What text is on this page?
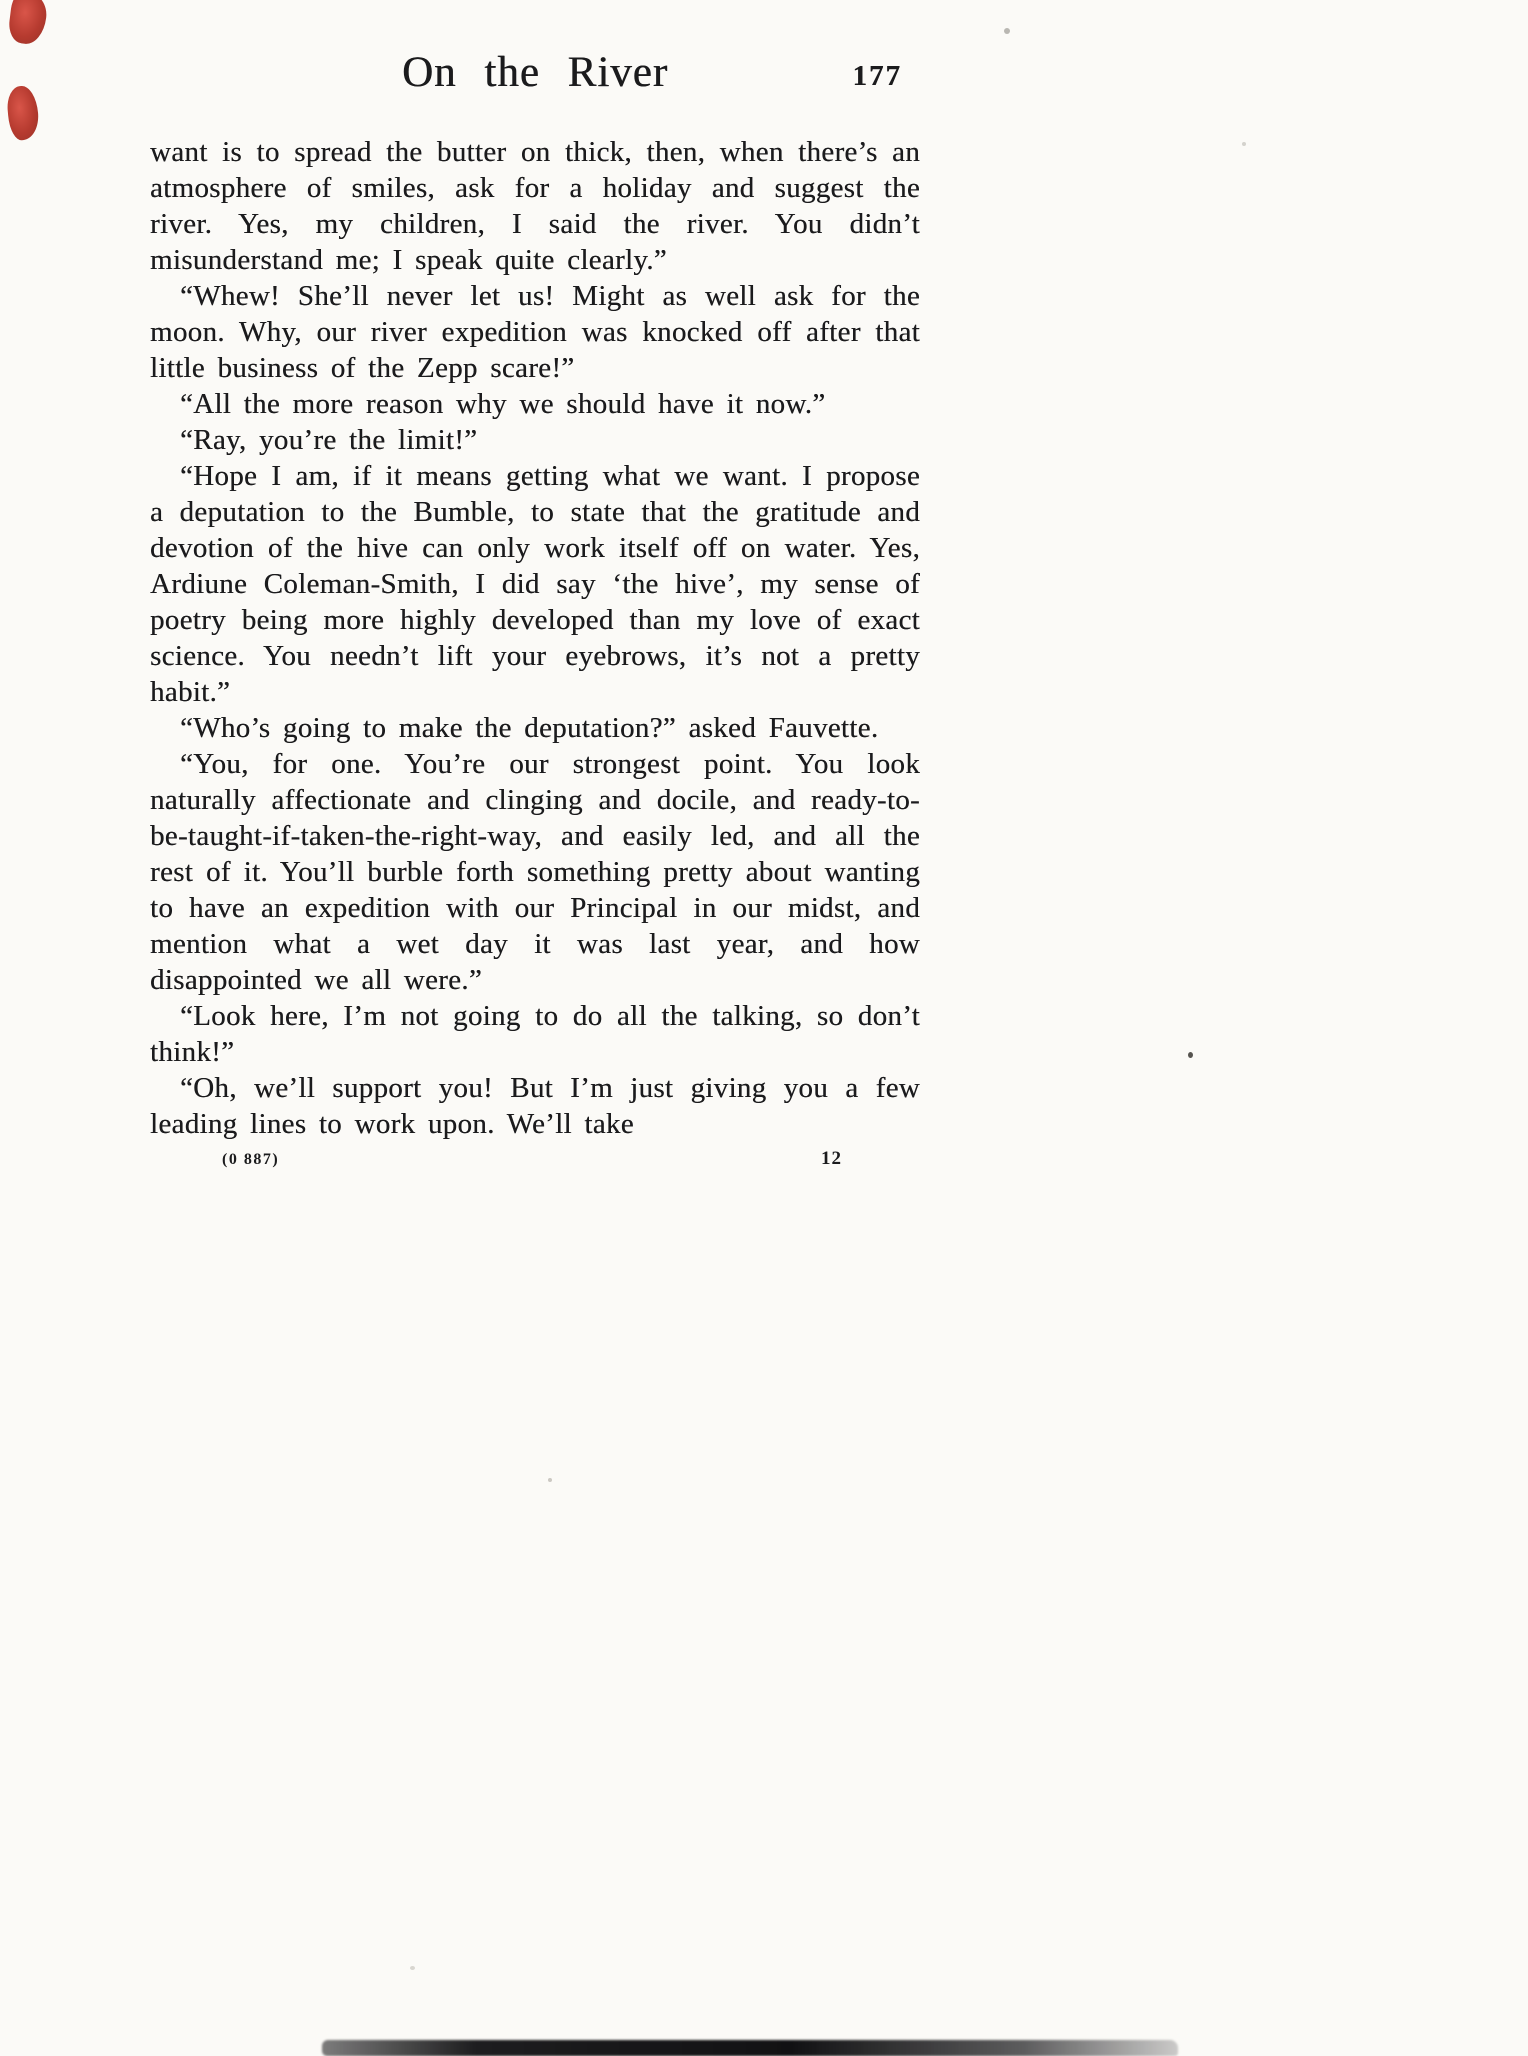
On the River	177

want is to spread the butter on thick, then, when there’s an atmosphere of smiles, ask for a holiday and suggest the river. Yes, my children, I said the river. You didn’t misunderstand me; I speak quite clearly.”

“Whew! She’ll never let us! Might as well ask for the moon. Why, our river expedition was knocked off after that little business of the Zepp scare!”

“All the more reason why we should have it now.”

“Ray, you’re the limit!”

“Hope I am, if it means getting what we want. I propose a deputation to the Bumble, to state that the gratitude and devotion of the hive can only work itself off on water. Yes, Ardiune Coleman-Smith, I did say ‘the hive’, my sense of poetry being more highly developed than my love of exact science. You needn’t lift your eyebrows, it’s not a pretty habit.”

“Who’s going to make the deputation?” asked Fauvette.

“You, for one. You’re our strongest point. You look naturally affectionate and clinging and docile, and ready-to-be-taught-if-taken-the-right-way, and easily led, and all the rest of it. You’ll burble forth something pretty about wanting to have an expedition with our Principal in our midst, and mention what a wet day it was last year, and how disappointed we all were.”

“Look here, I’m not going to do all the talking, so don’t think!”

“Oh, we’ll support you! But I’m just giving you a few leading lines to work upon. We’ll take

(0 887)	12
